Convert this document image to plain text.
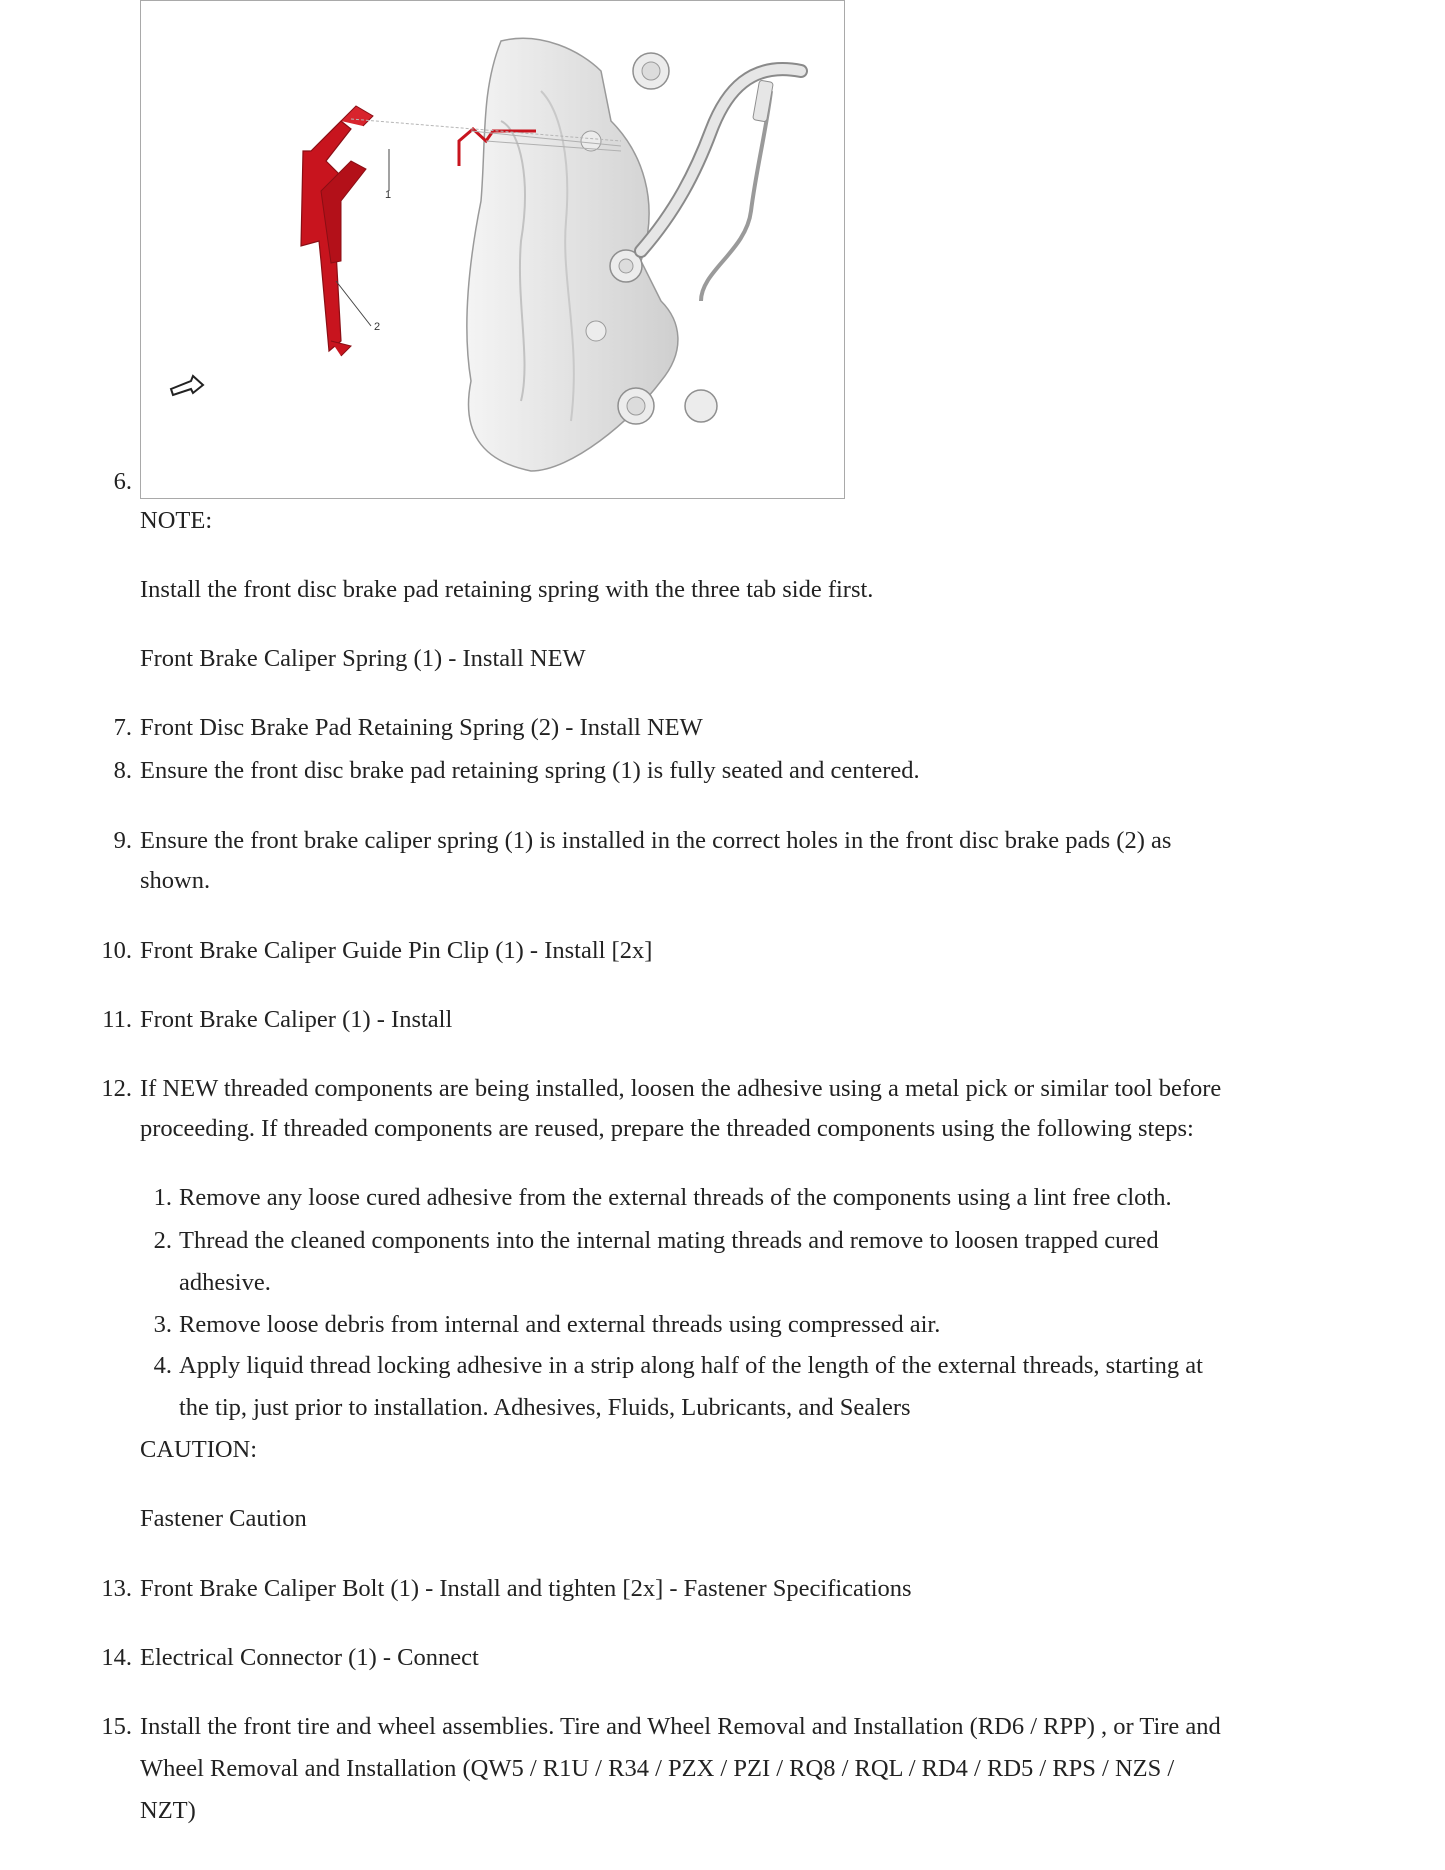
1
2
6.
NOTE:
Install the front disc brake pad retaining spring with the three tab side first.
Front Brake Caliper Spring (1) - Install NEW
7. Front Disc Brake Pad Retaining Spring (2) - Install NEW
8. Ensure the front disc brake pad retaining spring (1) is fully seated and centered.
9. Ensure the front brake caliper spring (1) is installed in the correct holes in the front disc brake pads (2) as
shown.
10. Front Brake Caliper Guide Pin Clip (1) - Install [2x]
11. Front Brake Caliper (1) - Install
12. If NEW threaded components are being installed, loosen the adhesive using a metal pick or similar tool before
proceeding. If threaded components are reused, prepare the threaded components using the following steps:
1. Remove any loose cured adhesive from the external threads of the components using a lint free cloth.
2. Thread the cleaned components into the internal mating threads and remove to loosen trapped cured
adhesive.
3. Remove loose debris from internal and external threads using compressed air.
4. Apply liquid thread locking adhesive in a strip along half of the length of the external threads, starting at
the tip, just prior to installation. Adhesives, Fluids, Lubricants, and Sealers
CAUTION:
Fastener Caution
13. Front Brake Caliper Bolt (1) - Install and tighten [2x] - Fastener Specifications
14. Electrical Connector (1) - Connect
15. Install the front tire and wheel assemblies. Tire and Wheel Removal and Installation (RD6 / RPP) , or Tire and
Wheel Removal and Installation (QW5 / R1U / R34 / PZX / PZI / RQ8 / RQL / RD4 / RD5 / RPS / NZS /
NZT)
